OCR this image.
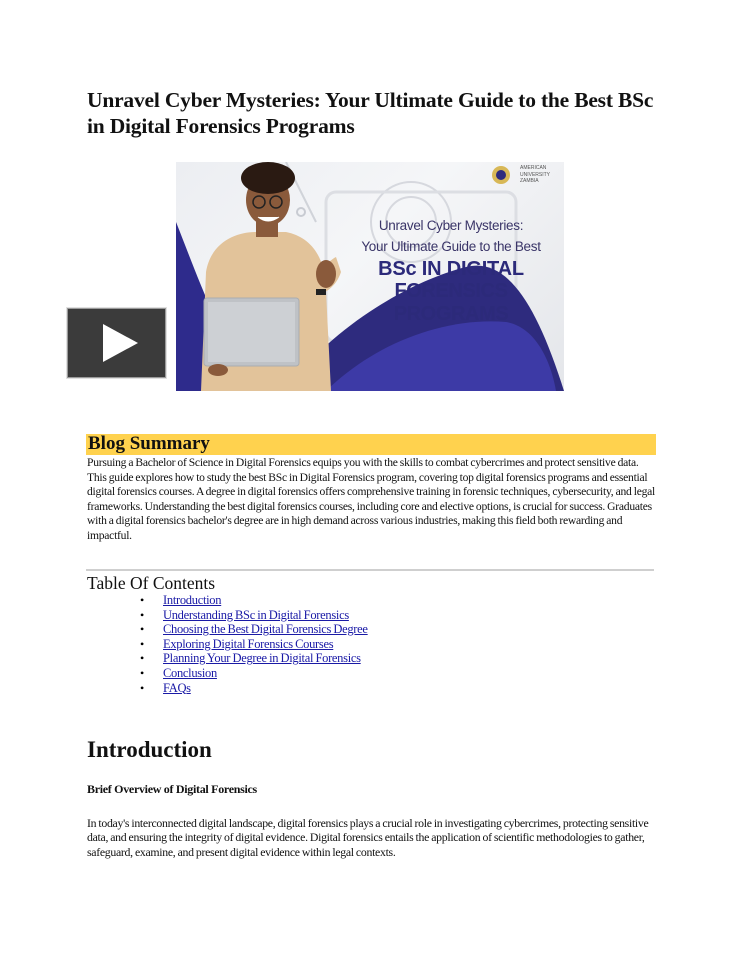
Unravel Cyber Mysteries: Your Ultimate Guide to the Best BSc in Digital Forensics Programs
AMERICAN
UNIVERSITY
ZAMBIA
Unravel Cyber Mysteries:
Your Ultimate Guide to the Best
BSc IN DIGITAL
FORENSICS PROGRAMS
Blog Summary

Pursuing a Bachelor of Science in Digital Forensics equips you with the skills to combat cybercrimes and protect sensitive data. This guide explores how to study the best BSc in Digital Forensics program, covering top digital forensics programs and essential digital forensics courses. A degree in digital forensics offers comprehensive training in forensic techniques, cybersecurity, and legal frameworks. Understanding the best digital forensics courses, including core and elective options, is crucial for success. Graduates with a digital forensics bachelor's degree are in high demand across various industries, making this field both rewarding and impactful.

Table Of Contents
• Introduction
• Understanding BSc in Digital Forensics
• Choosing the Best Digital Forensics Degree
• Exploring Digital Forensics Courses
• Planning Your Degree in Digital Forensics
• Conclusion
• FAQs
Introduction
Brief Overview of Digital Forensics

In today's interconnected digital landscape, digital forensics plays a crucial role in investigating cybercrimes, protecting sensitive data, and ensuring the integrity of digital evidence. Digital forensics entails the application of scientific methodologies to gather, safeguard, examine, and present digital evidence within legal contexts.
